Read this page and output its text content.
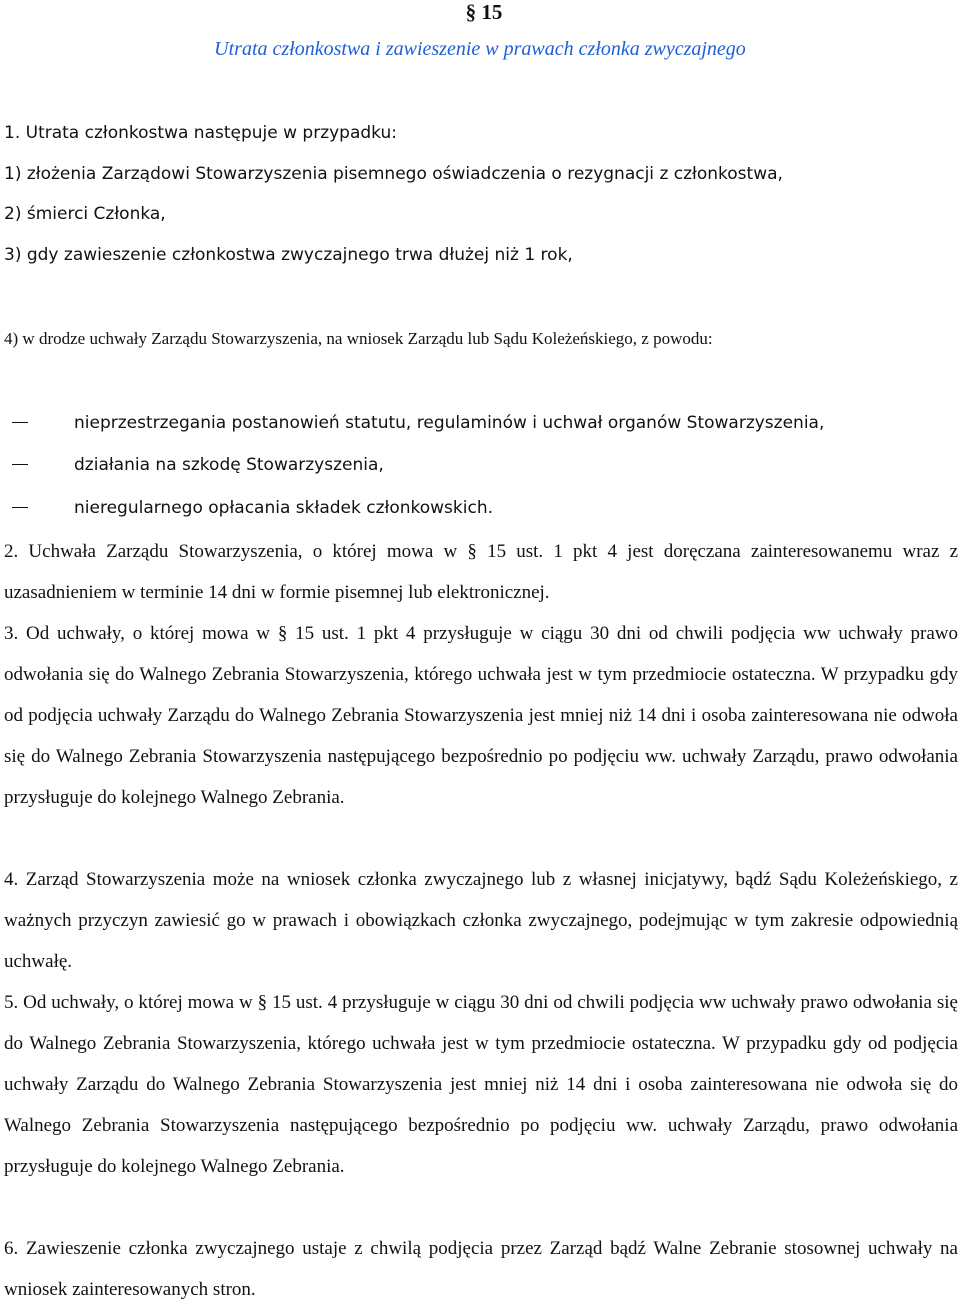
§ 15
Utrata członkostwa i zawieszenie w prawach członka zwyczajnego
1. Utrata członkostwa następuje w przypadku:
1) złożenia Zarządowi Stowarzyszenia pisemnego oświadczenia o rezygnacji z członkostwa,
2) śmierci Członka,
3) gdy zawieszenie członkostwa zwyczajnego trwa dłużej niż 1 rok,
4) w drodze uchwały Zarządu Stowarzyszenia, na wniosek Zarządu lub Sądu Koleżeńskiego, z powodu:
nieprzestrzegania postanowień statutu, regulaminów i uchwał organów Stowarzyszenia,
działania na szkodę Stowarzyszenia,
nieregularnego opłacania składek członkowskich.
2. Uchwała Zarządu Stowarzyszenia, o której mowa w § 15 ust. 1 pkt 4 jest doręczana zainteresowanemu wraz z uzasadnieniem w terminie 14 dni w formie pisemnej lub elektronicznej.
3. Od uchwały, o której mowa w § 15 ust. 1 pkt 4 przysługuje w ciągu 30 dni od chwili podjęcia ww uchwały prawo odwołania się do Walnego Zebrania Stowarzyszenia, którego uchwała jest w tym przedmiocie ostateczna. W przypadku gdy od podjęcia uchwały Zarządu do Walnego Zebrania Stowarzyszenia jest mniej niż 14 dni i osoba zainteresowana nie odwoła się do Walnego Zebrania Stowarzyszenia następującego bezpośrednio po podjęciu ww. uchwały Zarządu, prawo odwołania przysługuje do kolejnego Walnego Zebrania.
4. Zarząd Stowarzyszenia może na wniosek członka zwyczajnego lub z własnej inicjatywy, bądź Sądu Koleżeńskiego, z ważnych przyczyn zawiesić go w prawach i obowiązkach członka zwyczajnego, podejmując w tym zakresie odpowiednią uchwałę.
5. Od uchwały, o której mowa w § 15 ust. 4 przysługuje w ciągu 30 dni od chwili podjęcia ww uchwały prawo odwołania się do Walnego Zebrania Stowarzyszenia, którego uchwała jest w tym przedmiocie ostateczna. W przypadku gdy od podjęcia uchwały Zarządu do Walnego Zebrania Stowarzyszenia jest mniej niż 14 dni i osoba zainteresowana nie odwoła się do Walnego Zebrania Stowarzyszenia następującego bezpośrednio po podjęciu ww. uchwały Zarządu, prawo odwołania przysługuje do kolejnego Walnego Zebrania.
6. Zawieszenie członka zwyczajnego ustaje z chwilą podjęcia przez Zarząd bądź Walne Zebranie stosownej uchwały na wniosek zainteresowanych stron.
